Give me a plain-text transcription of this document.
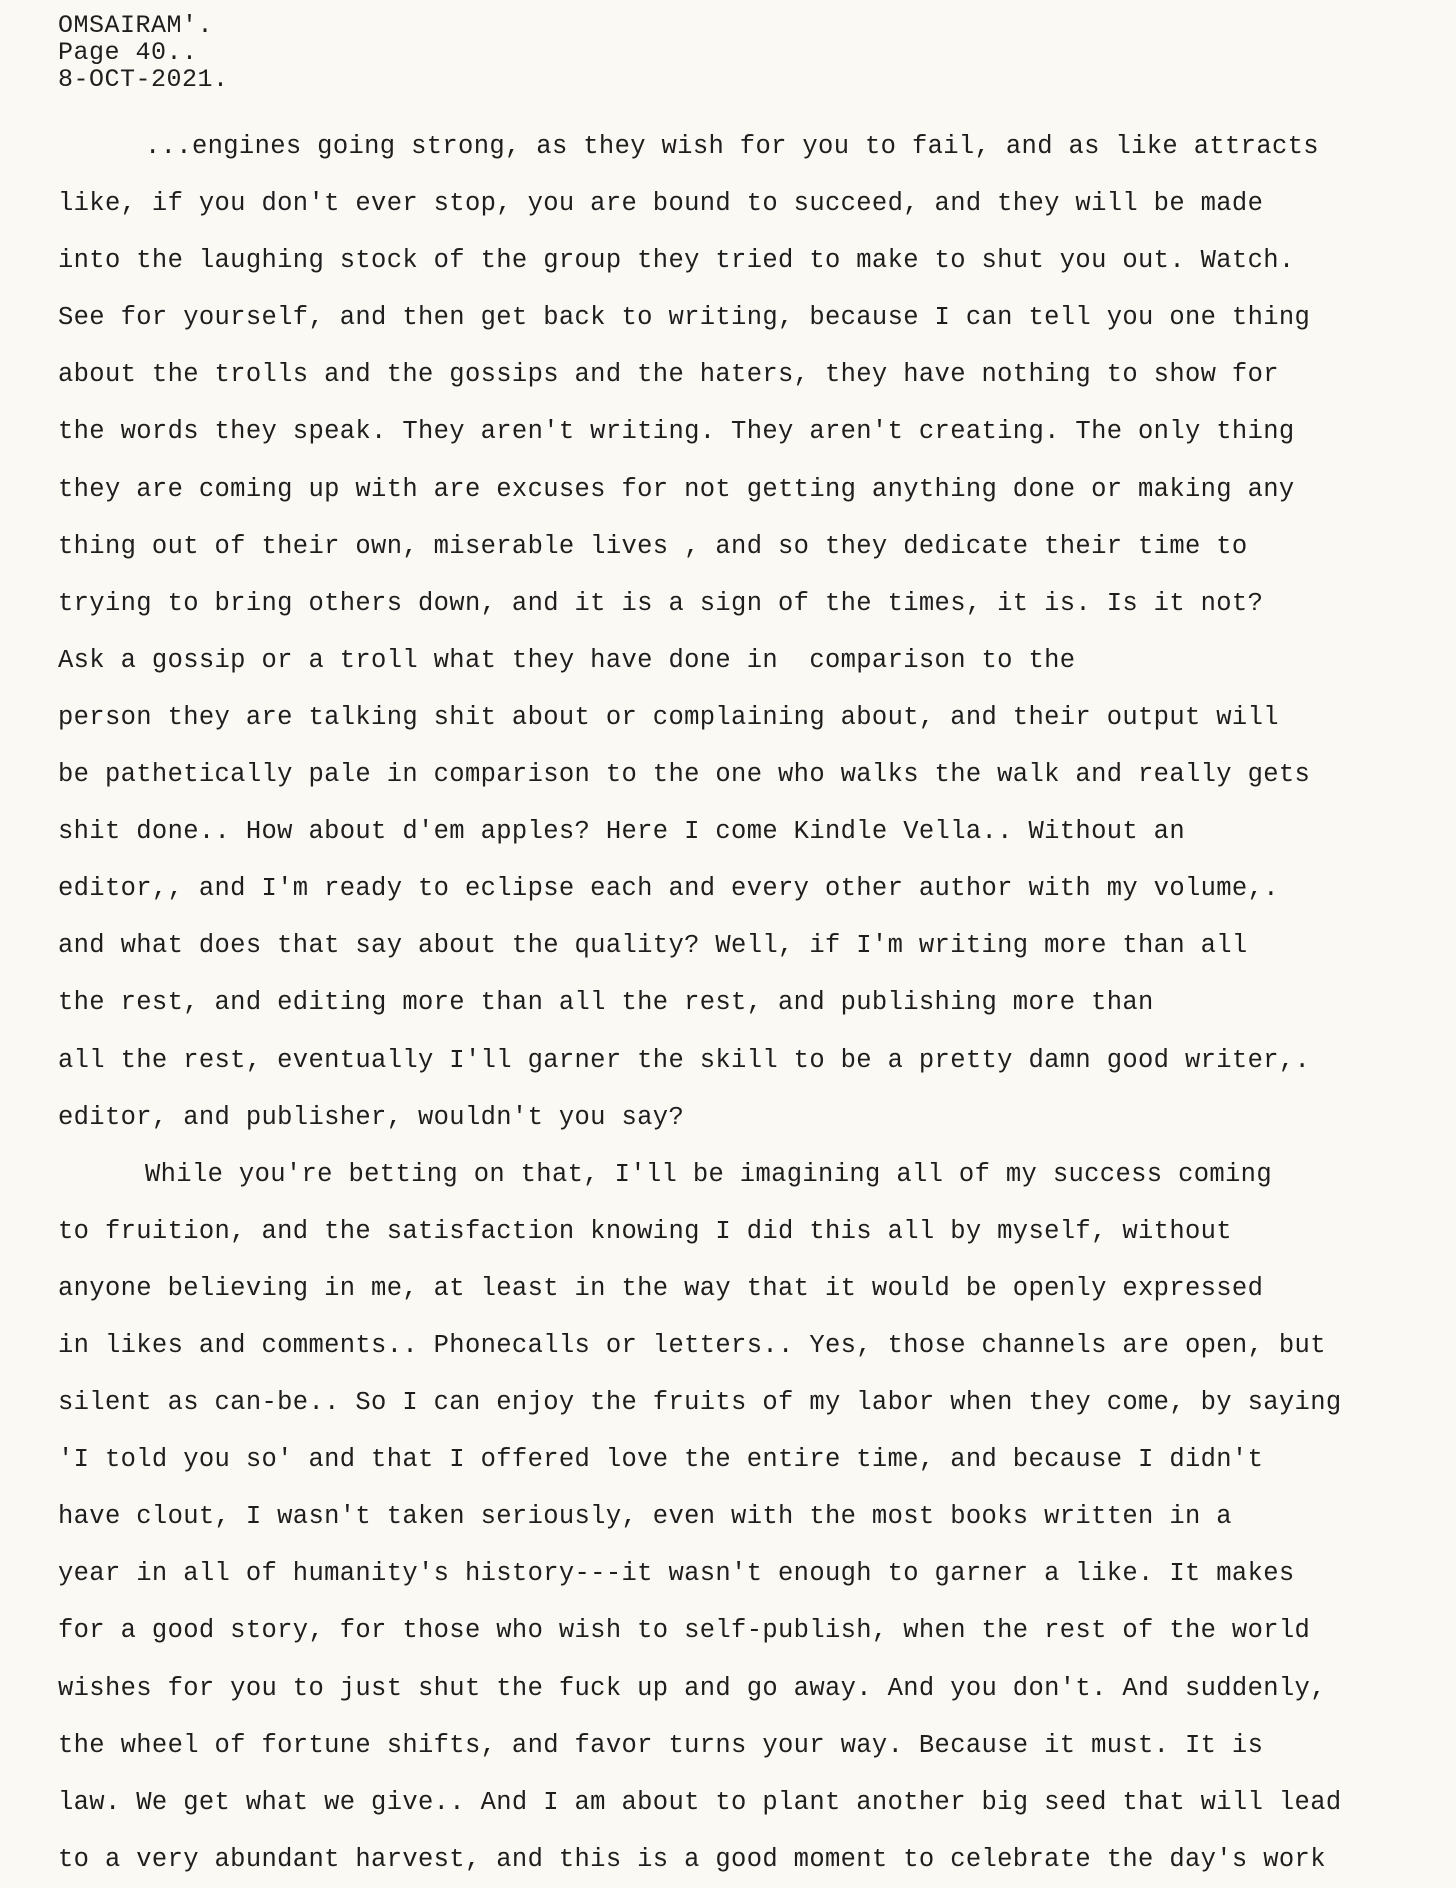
OMSAIRAM'.
Page 40..
8-OCT-2021.
...engines going strong, as they wish for you to fail, and as like attracts
like, if you don't ever stop, you are bound to succeed, and they will be made
into the laughing stock of the group they tried to make to shut you out. Watch.
See for yourself, and then get back to writing, because I can tell you one thing
about the trolls and the gossips and the haters, they have nothing to show for
the words they speak. They aren't writing. They aren't creating. The only thing
they are coming up with are excuses for not getting anything done or making any
thing out of their own, miserable lives , and so they dedicate their time to
trying to bring others down, and it is a sign of the times, it is. Is it not?
Ask a gossip or a troll what they have done in  comparison to the
person they are talking shit about or complaining about, and their output will
be pathetically pale in comparison to the one who walks the walk and really gets
shit done.. How about d'em apples? Here I come Kindle Vella.. Without an
editor,, and I'm ready to eclipse each and every other author with my volume,.
and what does that say about the quality? Well, if I'm writing more than all
the rest, and editing more than all the rest, and publishing more than
all the rest, eventually I'll garner the skill to be a pretty damn good writer,.
editor, and publisher, wouldn't you say?
While you're betting on that, I'll be imagining all of my success coming
to fruition, and the satisfaction knowing I did this all by myself, without
anyone believing in me, at least in the way that it would be openly expressed
in likes and comments.. Phonecalls or letters.. Yes, those channels are open, but
silent as can-be.. So I can enjoy the fruits of my labor when they come, by saying
'I told you so' and that I offered love the entire time, and because I didn't
have clout, I wasn't taken seriously, even with the most books written in a
year in all of humanity's history---it wasn't enough to garner a like. It makes
for a good story, for those who wish to self-publish, when the rest of the world
wishes for you to just shut the fuck up and go away. And you don't. And suddenly,
the wheel of fortune shifts, and favor turns your way. Because it must. It is
law. We get what we give.. And I am about to plant another big seed that will lead
to a very abundant harvest, and this is a good moment to celebrate the day's work
